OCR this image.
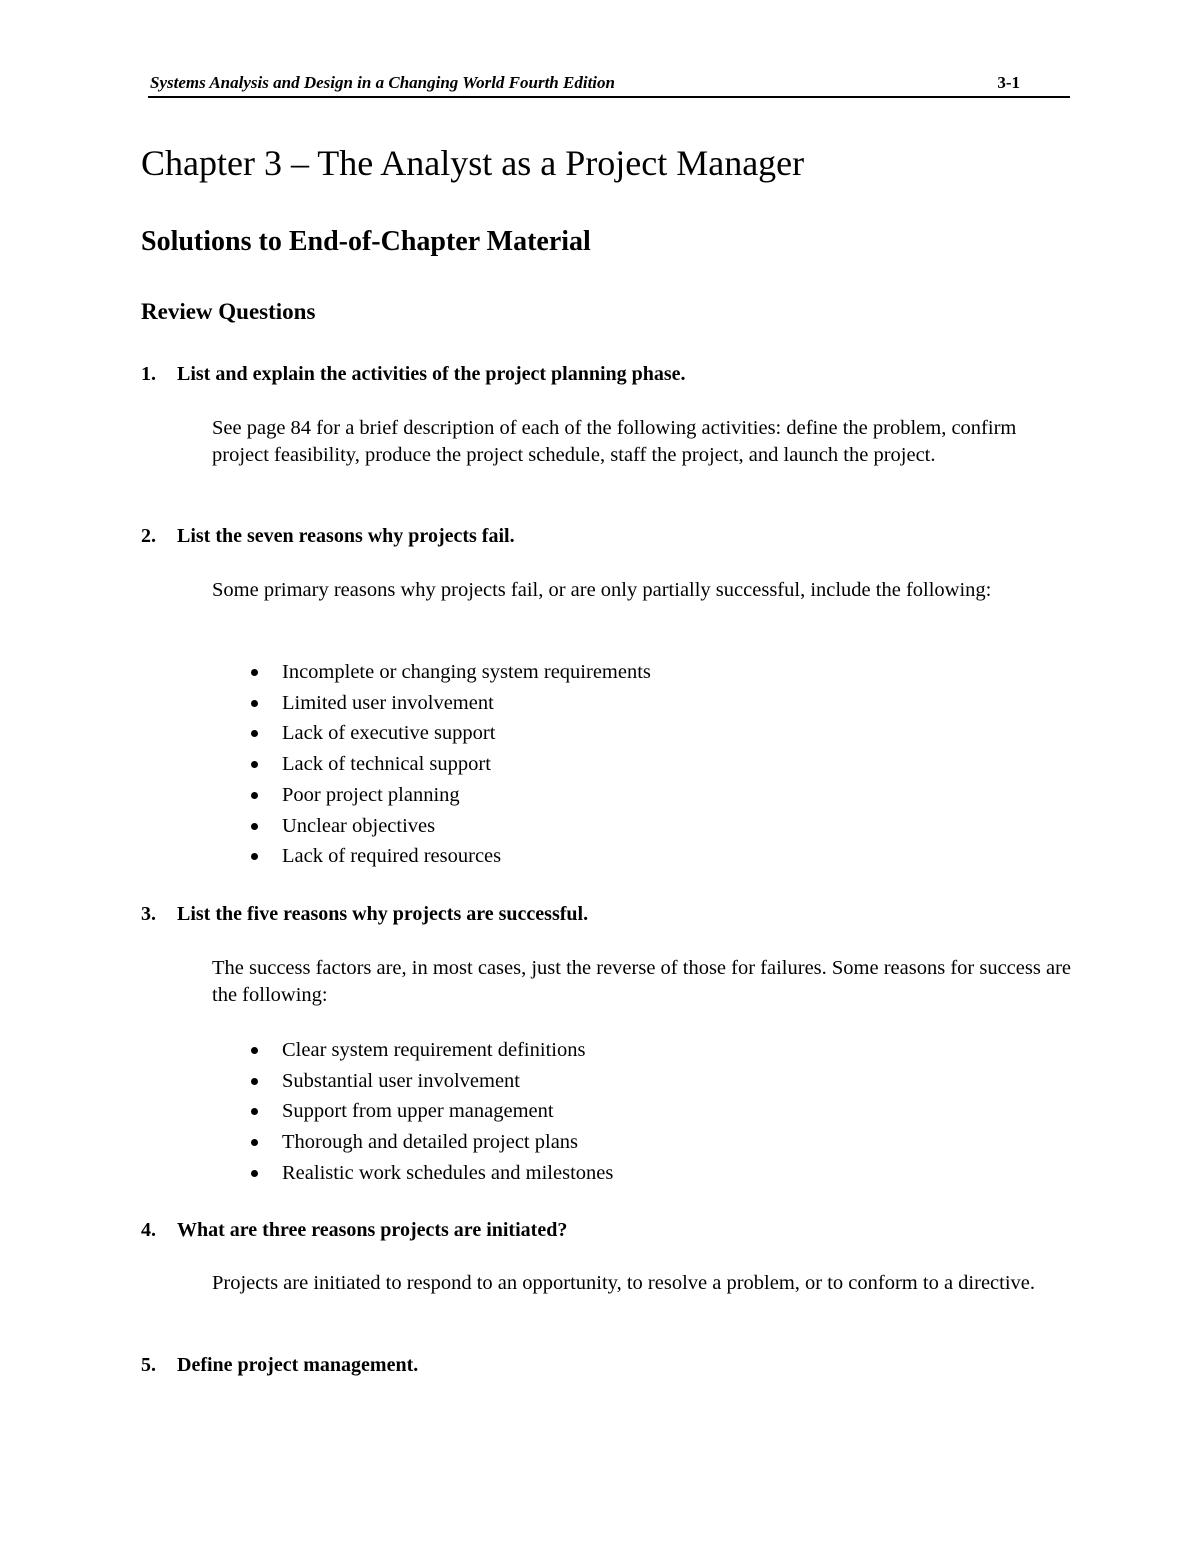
Systems Analysis and Design in a Changing World Fourth Edition	3-1
Chapter 3 – The Analyst as a Project Manager
Solutions to End-of-Chapter Material
Review Questions

1. List and explain the activities of the project planning phase.

See page 84 for a brief description of each of the following activities: define the problem, confirm project feasibility, produce the project schedule, staff the project, and launch the project.

2. List the seven reasons why projects fail.

Some primary reasons why projects fail, or are only partially successful, include the following:

Incomplete or changing system requirements
Limited user involvement
Lack of executive support
Lack of technical support
Poor project planning
Unclear objectives
Lack of required resources

3. List the five reasons why projects are successful.

The success factors are, in most cases, just the reverse of those for failures. Some reasons for success are the following:

Clear system requirement definitions
Substantial user involvement
Support from upper management
Thorough and detailed project plans
Realistic work schedules and milestones

4. What are three reasons projects are initiated?

Projects are initiated to respond to an opportunity, to resolve a problem, or to conform to a directive.

5. Define project management.
